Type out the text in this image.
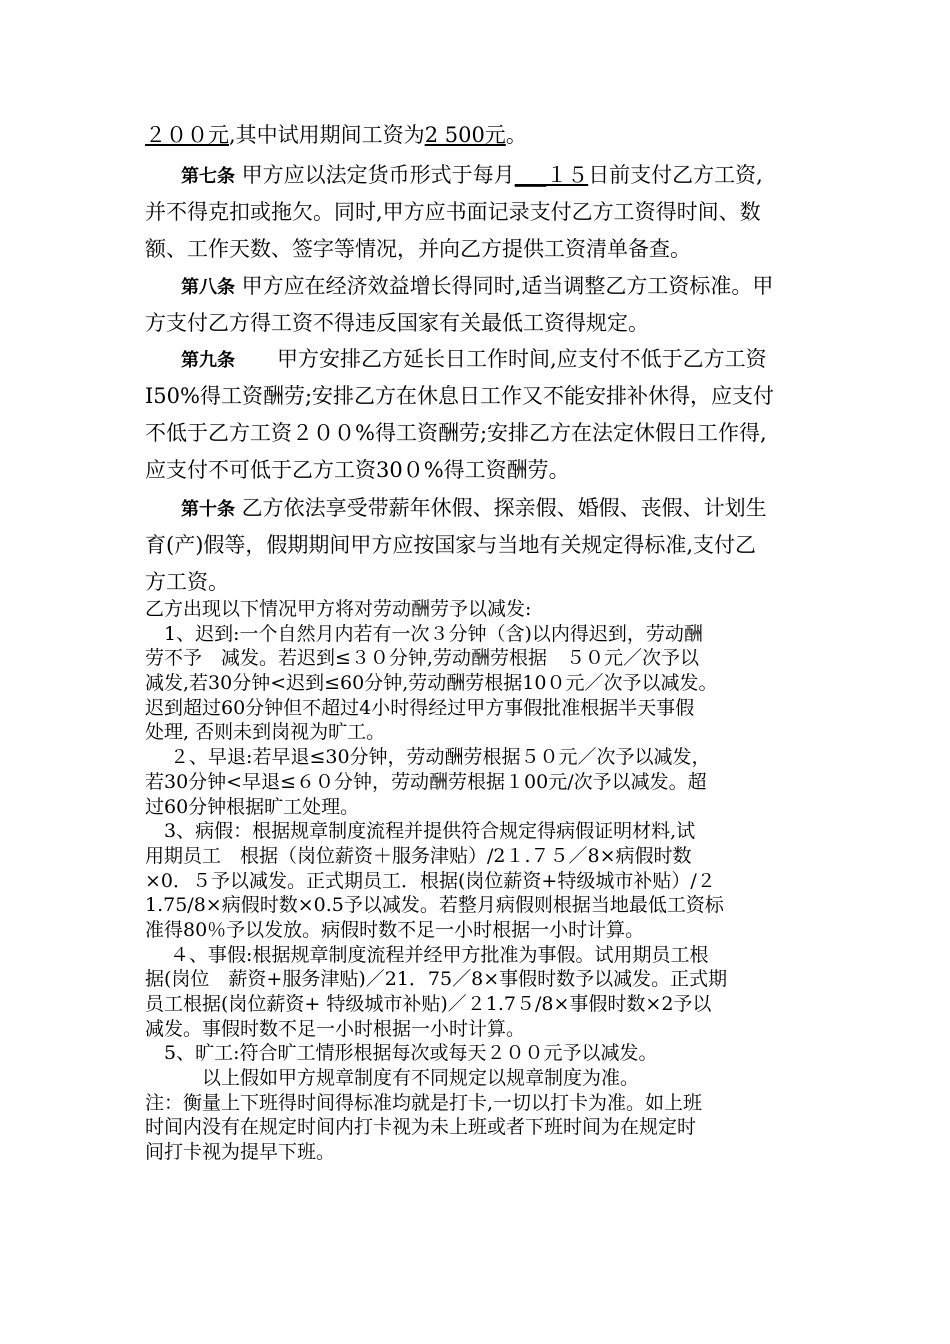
２００元,其中试用期间工资为2 500元。
第七条 甲方应以法定货币形式于每月___１５日前支付乙方工资,
并不得克扣或拖欠。同时,甲方应书面记录支付乙方工资得时间、数
额、工作天数、签字等情况，并向乙方提供工资清单备查。
第八条 甲方应在经济效益增长得同时,适当调整乙方工资标准。甲
方支付乙方得工资不得违反国家有关最低工资得规定。
第九条　　甲方安排乙方延长日工作时间,应支付不低于乙方工资
I50%得工资酬劳;安排乙方在休息日工作又不能安排补休得，应支付
不低于乙方工资２００%得工资酬劳;安排乙方在法定休假日工作得,
应支付不可低于乙方工资30０%得工资酬劳。
第十条 乙方依法享受带薪年休假、探亲假、婚假、丧假、计划生
育(产)假等，假期期间甲方应按国家与当地有关规定得标准,支付乙
方工资。
乙方出现以下情况甲方将对劳动酬劳予以减发:
　1、迟到:一个自然月内若有一次３分钟（含)以内得迟到，劳动酬
劳不予　减发。若迟到≤３０分钟,劳动酬劳根据　５０元／次予以
减发,若30分钟<迟到≤60分钟,劳动酬劳根据10０元／次予以减发。
迟到超过60分钟但不超过4小时得经过甲方事假批准根据半天事假
处理, 否则未到岗视为旷工。
　 ２、早退:若早退≤30分钟，劳动酬劳根据５０元／次予以减发，
若30分钟<早退≤６０分钟，劳动酬劳根据１00元/次予以减发。超
过60分钟根据旷工处理。
　3、病假：根据规章制度流程并提供符合规定得病假证明材料,试
用期员工　根据（岗位薪资＋服务津贴）/2１.７５／8×病假时数
×0．５予以减发。正式期员工．根据(岗位薪资+特级城市补贴）/２
1.75/8×病假时数×0.5予以减发。若整月病假则根据当地最低工资标
准得80％予以发放。病假时数不足一小时根据一小时计算。
　 ４、事假:根据规章制度流程并经甲方批准为事假。试用期员工根
据(岗位　薪资+服务津贴)／21．75／8×事假时数予以减发。正式期
员工根据(岗位薪资+ 特级城市补贴)／２1.7５/8×事假时数×2予以
减发。事假时数不足一小时根据一小时计算。
　5、旷工:符合旷工情形根据每次或每天２００元予以减发。
　　　以上假如甲方规章制度有不同规定以规章制度为准。
注：衡量上下班得时间得标准均就是打卡,一切以打卡为准。如上班
时间内没有在规定时间内打卡视为未上班或者下班时间为在规定时
间打卡视为提早下班。
